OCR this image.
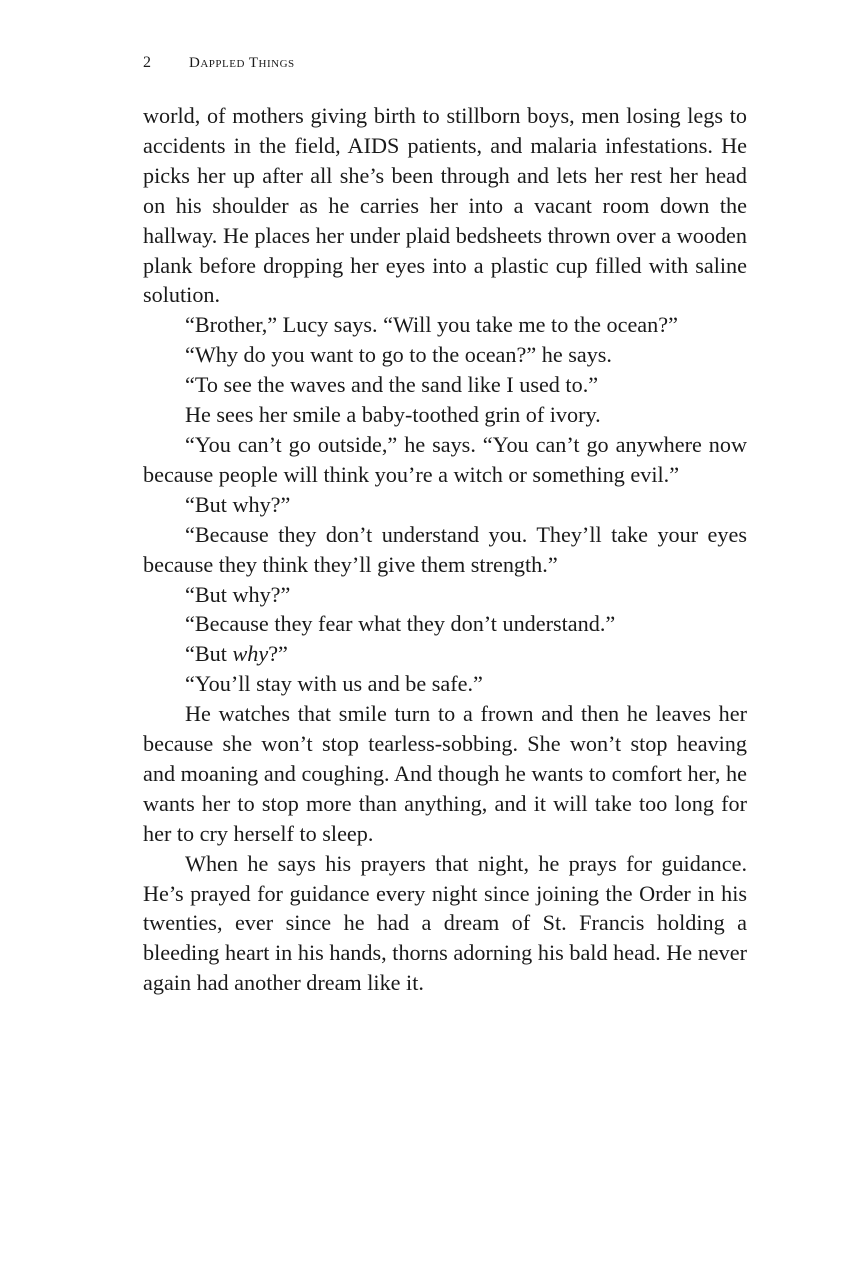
2	Dappled Things

world, of mothers giving birth to stillborn boys, men losing legs to accidents in the field, AIDS patients, and malaria infestations. He picks her up after all she’s been through and lets her rest her head on his shoulder as he carries her into a vacant room down the hallway. He places her under plaid bedsheets thrown over a wooden plank before dropping her eyes into a plastic cup filled with saline solution.

“Brother,” Lucy says. “Will you take me to the ocean?”

“Why do you want to go to the ocean?” he says.

“To see the waves and the sand like I used to.”

He sees her smile a baby-toothed grin of ivory.

“You can’t go outside,” he says. “You can’t go anywhere now because people will think you’re a witch or something evil.”

“But why?”

“Because they don’t understand you. They’ll take your eyes because they think they’ll give them strength.”

“But why?”

“Because they fear what they don’t understand.”

“But why?”

“You’ll stay with us and be safe.”

He watches that smile turn to a frown and then he leaves her because she won’t stop tearless-sobbing. She won’t stop heaving and moaning and coughing. And though he wants to comfort her, he wants her to stop more than anything, and it will take too long for her to cry herself to sleep.

When he says his prayers that night, he prays for guidance. He’s prayed for guidance every night since joining the Order in his twenties, ever since he had a dream of St. Francis holding a bleeding heart in his hands, thorns adorning his bald head. He never again had another dream like it.
